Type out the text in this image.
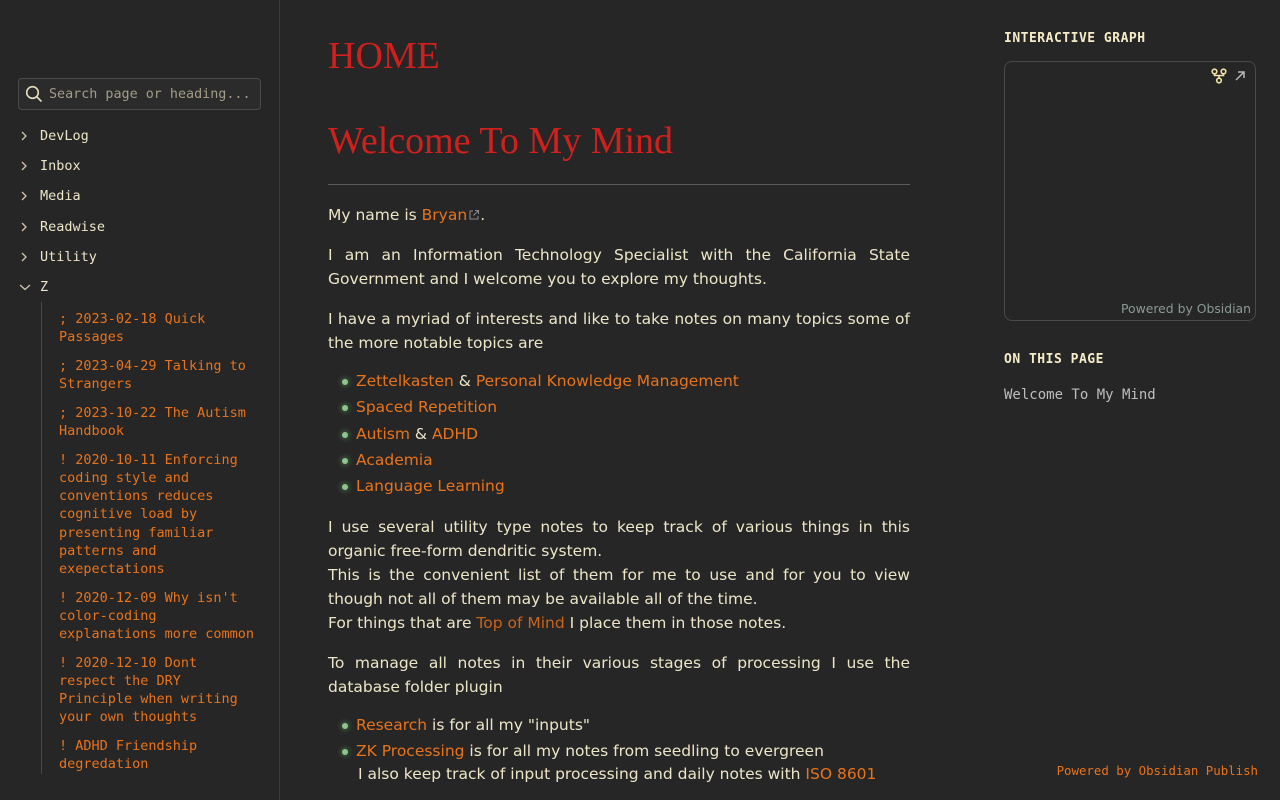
Search page or heading...
DevLog
Inbox
Media
Readwise
Utility
Z
; 2023-02-18 Quick Passages
; 2023-04-29 Talking to Strangers
; 2023-10-22 The Autism Handbook
! 2020-10-11 Enforcing coding style and conventions reduces cognitive load by presenting familiar patterns and exepectations
! 2020-12-09 Why isn't color-coding explanations more common
! 2020-12-10 Dont respect the DRY Principle when writing your own thoughts
! ADHD Friendship degredation
HOME
Welcome To My Mind

My name is Bryan .

I am an Information Technology Specialist with the California State Government and I welcome you to explore my thoughts.

I have a myriad of interests and like to take notes on many topics some of the more notable topics are

Zettelkasten & Personal Knowledge Management
Spaced Repetition
Autism & ADHD
Academia
Language Learning

I use several utility type notes to keep track of various things in this organic free-form dendritic system.

This is the convenient list of them for me to use and for you to view though not all of them may be available all of the time.

For things that are Top of Mind I place them in those notes.

To manage all notes in their various stages of processing I use the database folder plugin

Research is for all my "inputs"
ZK Processing is for all my notes from seedling to evergreen
I also keep track of input processing and daily notes with ISO 8601
INTERACTIVE GRAPH
Powered by Obsidian
ON THIS PAGE
Welcome To My Mind
Powered by Obsidian Publish
